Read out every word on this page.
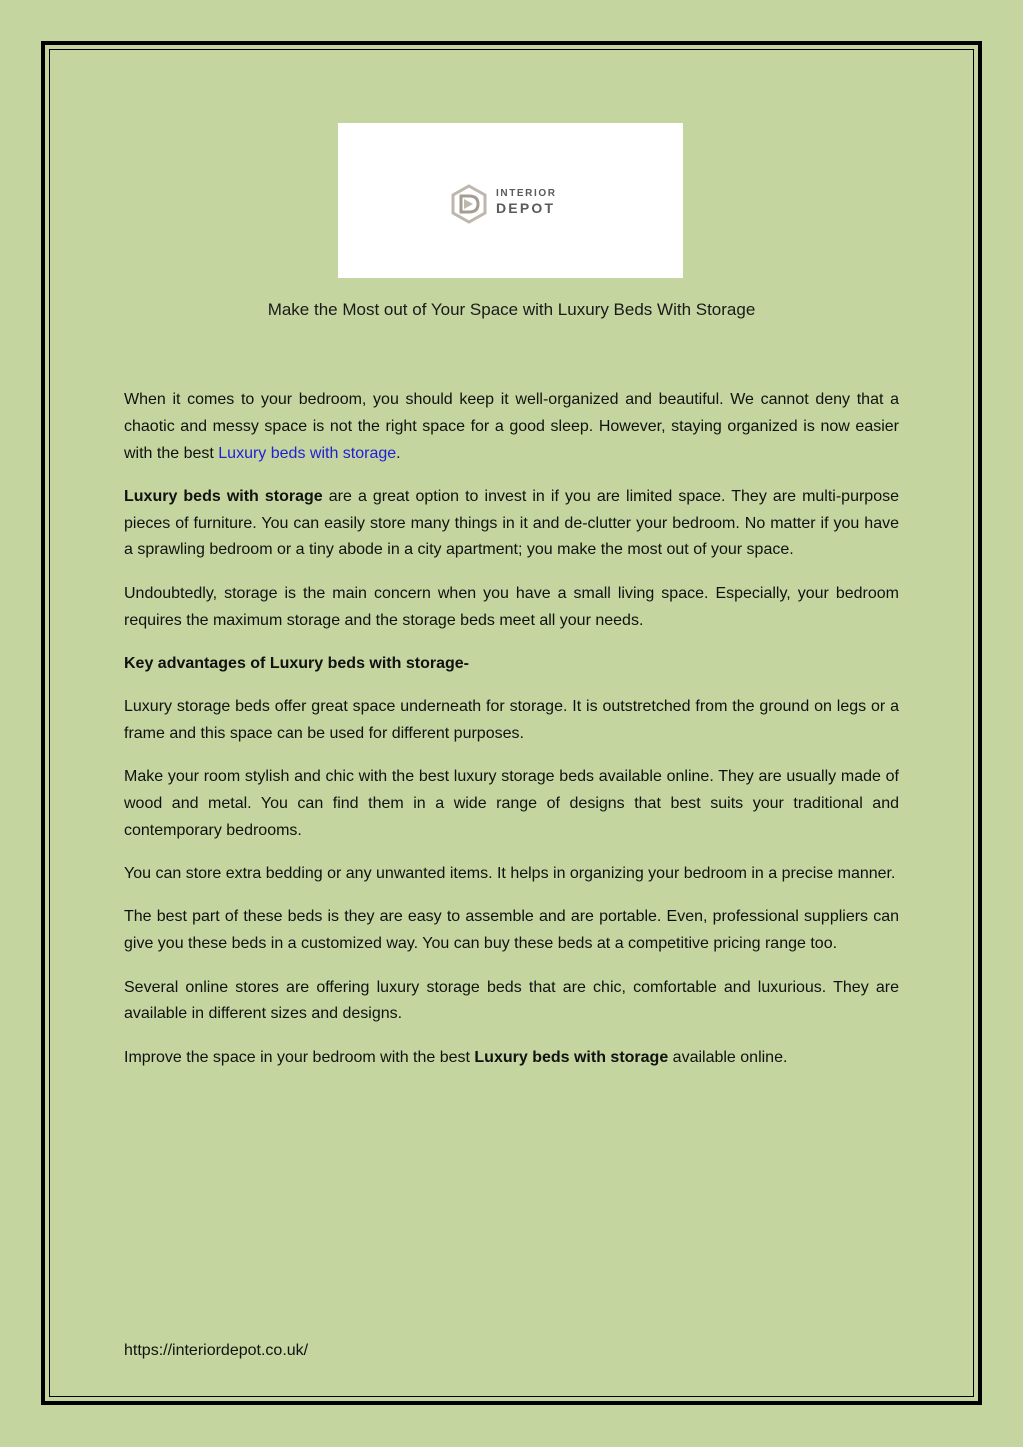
INTERIOR
DEPOT
Make the Most out of Your Space with Luxury Beds With Storage

When it comes to your bedroom, you should keep it well-organized and beautiful. We cannot deny that a chaotic and messy space is not the right space for a good sleep. However, staying organized is now easier with the best Luxury beds with storage.

Luxury beds with storage are a great option to invest in if you are limited space. They are multi-purpose pieces of furniture. You can easily store many things in it and de-clutter your bedroom. No matter if you have a sprawling bedroom or a tiny abode in a city apartment; you make the most out of your space.

Undoubtedly, storage is the main concern when you have a small living space. Especially, your bedroom requires the maximum storage and the storage beds meet all your needs.

Key advantages of Luxury beds with storage-

Luxury storage beds offer great space underneath for storage. It is outstretched from the ground on legs or a frame and this space can be used for different purposes.

Make your room stylish and chic with the best luxury storage beds available online. They are usually made of wood and metal. You can find them in a wide range of designs that best suits your traditional and contemporary bedrooms.

You can store extra bedding or any unwanted items. It helps in organizing your bedroom in a precise manner.

The best part of these beds is they are easy to assemble and are portable. Even, professional suppliers can give you these beds in a customized way. You can buy these beds at a competitive pricing range too.

Several online stores are offering luxury storage beds that are chic, comfortable and luxurious. They are available in different sizes and designs.

Improve the space in your bedroom with the best Luxury beds with storage available online.

https://interiordepot.co.uk/
